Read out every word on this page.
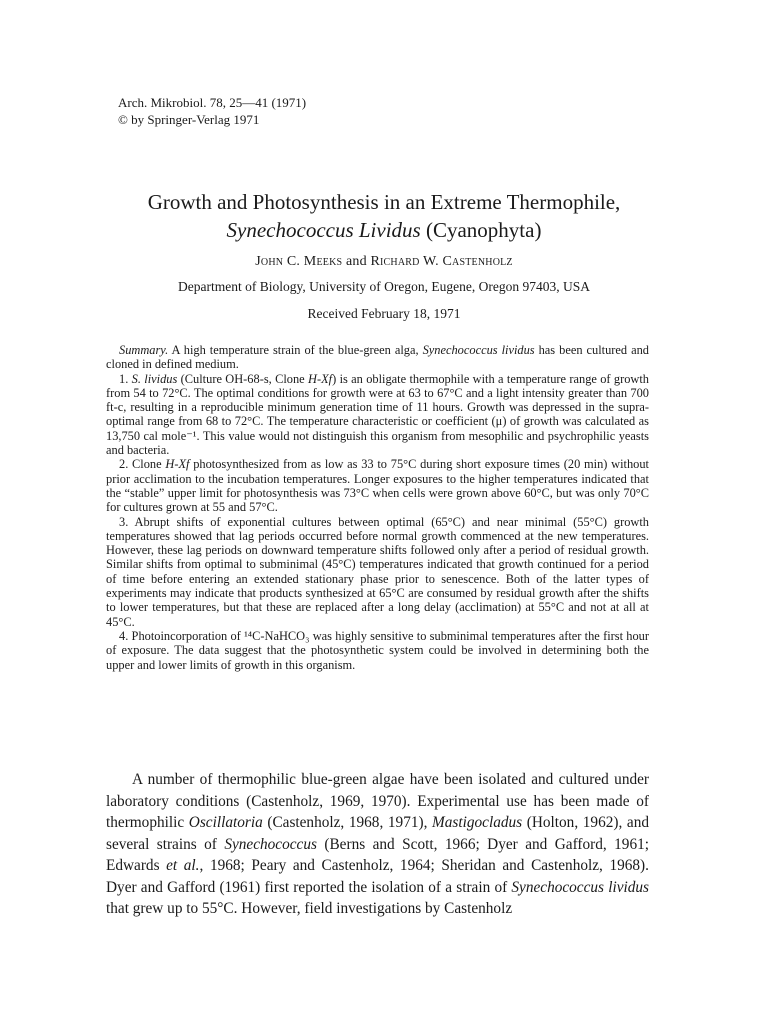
Arch. Mikrobiol. 78, 25—41 (1971)
© by Springer-Verlag 1971
Growth and Photosynthesis in an Extreme Thermophile,
Synechococcus Lividus (Cyanophyta)
John C. Meeks and Richard W. Castenholz
Department of Biology, University of Oregon, Eugene, Oregon 97403, USA
Received February 18, 1971

Summary. A high temperature strain of the blue-green alga, Synechococcus lividus has been cultured and cloned in defined medium.

1. S. lividus (Culture OH-68-s, Clone H-Xf) is an obligate thermophile with a temperature range of growth from 54 to 72°C. The optimal conditions for growth were at 63 to 67°C and a light intensity greater than 700 ft-c, resulting in a reproducible minimum generation time of 11 hours. Growth was depressed in the supra-optimal range from 68 to 72°C. The temperature characteristic or coefficient (μ) of growth was calculated as 13,750 cal mole⁻¹. This value would not distinguish this organism from mesophilic and psychrophilic yeasts and bacteria.

2. Clone H-Xf photosynthesized from as low as 33 to 75°C during short exposure times (20 min) without prior acclimation to the incubation temperatures. Longer exposures to the higher temperatures indicated that the “stable” upper limit for photosynthesis was 73°C when cells were grown above 60°C, but was only 70°C for cultures grown at 55 and 57°C.

3. Abrupt shifts of exponential cultures between optimal (65°C) and near minimal (55°C) growth temperatures showed that lag periods occurred before normal growth commenced at the new temperatures. However, these lag periods on downward temperature shifts followed only after a period of residual growth. Similar shifts from optimal to subminimal (45°C) temperatures indicated that growth continued for a period of time before entering an extended stationary phase prior to senescence. Both of the latter types of experiments may indicate that products synthesized at 65°C are consumed by residual growth after the shifts to lower temperatures, but that these are replaced after a long delay (acclimation) at 55°C and not at all at 45°C.

4. Photoincorporation of ¹⁴C-NaHCO₃ was highly sensitive to subminimal temperatures after the first hour of exposure. The data suggest that the photosynthetic system could be involved in determining both the upper and lower limits of growth in this organism.

A number of thermophilic blue-green algae have been isolated and cultured under laboratory conditions (Castenholz, 1969, 1970). Experimental use has been made of thermophilic Oscillatoria (Castenholz, 1968, 1971), Mastigocladus (Holton, 1962), and several strains of Synechococcus (Berns and Scott, 1966; Dyer and Gafford, 1961; Edwards et al., 1968; Peary and Castenholz, 1964; Sheridan and Castenholz, 1968). Dyer and Gafford (1961) first reported the isolation of a strain of Synechococcus lividus that grew up to 55°C. However, field investigations by Castenholz
